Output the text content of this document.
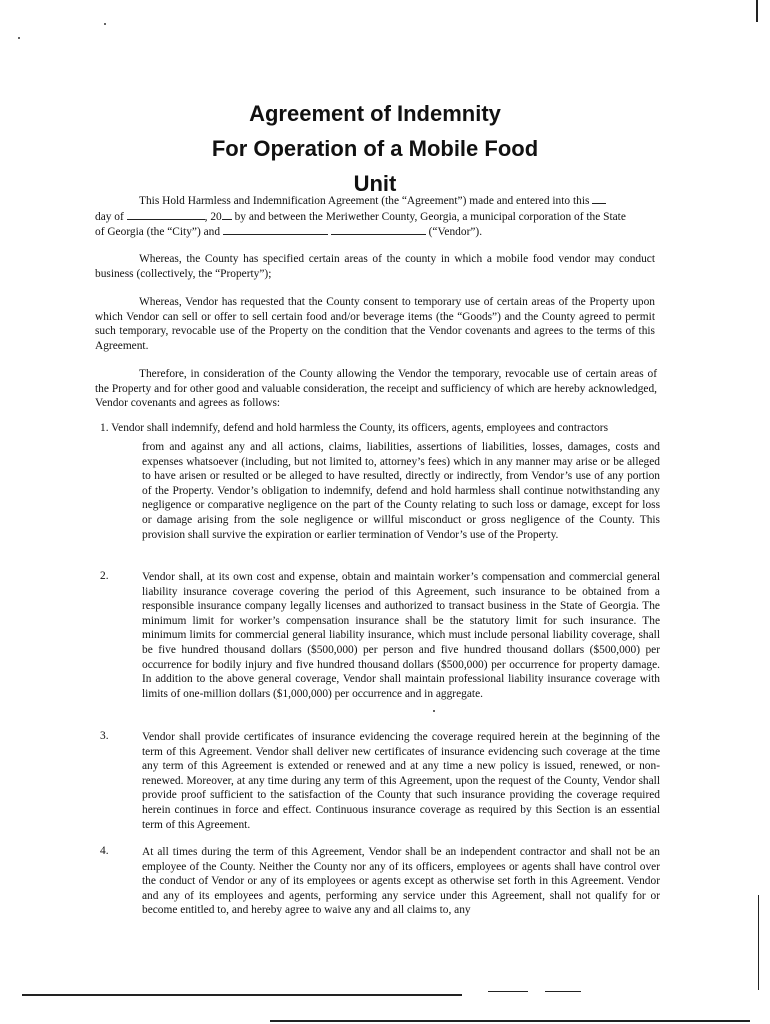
Agreement of Indemnity
For Operation of a Mobile Food
Unit
This Hold Harmless and Indemnification Agreement (the “Agreement”) made and entered into this
day of	, 20 by and between the Meriwether County, Georgia, a municipal corporation of the State
of Georgia (the “City”) and	(“Vendor”).

Whereas, the County has specified certain areas of the county in which a mobile food vendor may conduct business (collectively, the “Property”);

Whereas, Vendor has requested that the County consent to temporary use of certain areas of the Property upon which Vendor can sell or offer to sell certain food and/or beverage items (the “Goods”) and the County agreed to permit such temporary, revocable use of the Property on the condition that the Vendor covenants and agrees to the terms of this Agreement.

Therefore, in consideration of the County allowing the Vendor the temporary, revocable use of certain areas of the Property and for other good and valuable consideration, the receipt and sufficiency of which are hereby acknowledged, Vendor covenants and agrees as follows:

1. Vendor shall indemnify, defend and hold harmless the County, its officers, agents, employees and contractors

from and against any and all actions, claims, liabilities, assertions of liabilities, losses, damages, costs and expenses whatsoever (including, but not limited to, attorney’s fees) which in any manner may arise or be alleged to have arisen or resulted or be alleged to have resulted, directly or indirectly, from Vendor’s use of any portion of the Property. Vendor’s obligation to indemnify, defend and hold harmless shall continue notwithstanding any negligence or comparative negligence on the part of the County relating to such loss or damage, except for loss or damage arising from the sole negligence or willful misconduct or gross negligence of the County. This provision shall survive the expiration or earlier termination of Vendor’s use of the Property.

2.	Vendor shall, at its own cost and expense, obtain and maintain worker’s compensation and commercial general liability insurance coverage covering the period of this Agreement, such insurance to be obtained from a responsible insurance company legally licenses and authorized to transact business in the State of Georgia. The minimum limit for worker’s compensation insurance shall be the statutory limit for such insurance. The minimum limits for commercial general liability insurance, which must include personal liability coverage, shall be five hundred thousand dollars ($500,000) per person and five hundred thousand dollars ($500,000) per occurrence for bodily injury and five hundred thousand dollars ($500,000) per occurrence for property damage. In addition to the above general coverage, Vendor shall maintain professional liability insurance coverage with limits of one-million dollars ($1,000,000) per occurrence and in aggregate.

3.	Vendor shall provide certificates of insurance evidencing the coverage required herein at the beginning of the term of this Agreement. Vendor shall deliver new certificates of insurance evidencing such coverage at the time any term of this Agreement is extended or renewed and at any time a new policy is issued, renewed, or non-renewed. Moreover, at any time during any term of this Agreement, upon the request of the County, Vendor shall provide proof sufficient to the satisfaction of the County that such insurance providing the coverage required herein continues in force and effect. Continuous insurance coverage as required by this Section is an essential term of this Agreement.

4.	At all times during the term of this Agreement, Vendor shall be an independent contractor and shall not be an employee of the County. Neither the County nor any of its officers, employees or agents shall have control over the conduct of Vendor or any of its employees or agents except as otherwise set forth in this Agreement. Vendor and any of its employees and agents, performing any service under this Agreement, shall not qualify for or become entitled to, and hereby agree to waive any and all claims to, any
